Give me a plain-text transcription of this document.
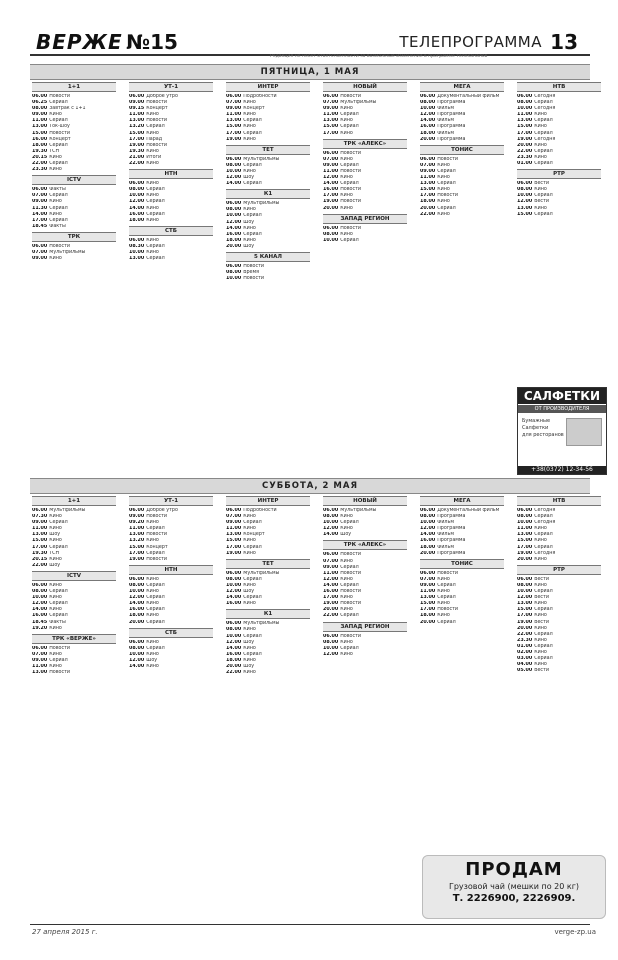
ВЕРЖЕ №15	ТЕЛЕПРОГРАММА 13
Редакция не несет ответственности за возможные изменения в программе телеканалов
ПЯТНИЦА, 1 МАЯ
1+1
06.00 Новости
06.25 Сериал
08.00 Завтрак с 1+1
09.00 Кино
11.00 Сериал
13.00 Ток-шоу
15.00 Новости
16.00 Концерт
18.00 Сериал
19.30 ТСН
20.15 Кино
22.00 Сериал
23.30 Кино
ICTV
06.00 Факты
07.00 Сериал
09.00 Кино
11.30 Сериал
14.00 Кино
17.00 Сериал
18.45 Факты
ТРК
06.00 Новости
07.00 Мультфильмы
09.00 Кино
УТ-1
06.00 Доброе утро
09.00 Новости
09.15 Концерт
11.00 Кино
13.00 Новости
13.20 Сериал
15.00 Кино
17.00 Парад
19.00 Новости
19.30 Кино
21.00 Итоги
22.00 Кино
НТН
06.00 Кино
08.00 Сериал
10.00 Кино
12.00 Сериал
14.00 Кино
16.00 Сериал
18.00 Кино
СТБ
06.00 Кино
08.30 Сериал
10.00 Кино
13.00 Сериал
ИНТЕР
06.00 Подробности
07.00 Кино
09.00 Концерт
11.00 Кино
13.00 Сериал
15.00 Кино
17.00 Сериал
19.00 Кино
ТЕТ
06.00 Мультфильмы
08.00 Сериал
10.00 Кино
12.00 Шоу
14.00 Сериал
К1
06.00 Мультфильмы
08.00 Кино
10.00 Сериал
12.00 Шоу
14.00 Кино
16.00 Сериал
18.00 Кино
20.00 Шоу
5 КАНАЛ
06.00 Новости
08.00 Время
10.00 Новости
НОВЫЙ
06.00 Новости
07.00 Мультфильмы
09.00 Кино
11.00 Сериал
13.00 Кино
15.00 Сериал
17.00 Кино
ТРК «АЛЕКС»
06.00 Новости
07.00 Кино
09.00 Сериал
11.00 Новости
12.00 Кино
14.00 Сериал
16.00 Новости
17.00 Кино
19.00 Новости
20.00 Кино
ЗАПАД РЕГИОН
06.00 Новости
08.00 Кино
10.00 Сериал
МЕГА
06.00 Документальный фильм
08.00 Программа
10.00 Фильм
12.00 Программа
14.00 Фильм
16.00 Программа
18.00 Фильм
20.00 Программа
ТОНИС
06.00 Новости
07.00 Кино
09.00 Сериал
11.00 Кино
13.00 Сериал
15.00 Кино
17.00 Новости
18.00 Кино
20.00 Сериал
22.00 Кино
НТВ
06.00 Сегодня
08.00 Сериал
10.00 Сегодня
11.00 Кино
13.00 Сериал
15.00 Кино
17.00 Сериал
19.00 Сегодня
20.00 Кино
22.00 Сериал
23.30 Кино
01.00 Сериал
РТР
06.00 Вести
08.00 Кино
10.00 Сериал
12.00 Вести
13.00 Кино
15.00 Сериал
СУББОТА, 2 МАЯ
1+1
06.00 Мультфильмы
07.30 Кино
09.00 Сериал
11.00 Кино
13.00 Шоу
15.00 Кино
17.00 Сериал
19.30 ТСН
20.15 Кино
22.00 Шоу
ICTV
06.00 Кино
08.00 Сериал
10.00 Кино
12.00 Сериал
14.00 Кино
16.00 Сериал
18.45 Факты
19.20 Кино
ТРК «ВЕРЖЕ»
06.00 Новости
07.00 Кино
09.00 Сериал
11.00 Кино
13.00 Новости
УТ-1
06.00 Доброе утро
09.00 Новости
09.20 Кино
11.00 Сериал
13.00 Новости
13.20 Кино
15.00 Концерт
17.00 Сериал
19.00 Новости
НТН
06.00 Кино
08.00 Сериал
10.00 Кино
12.00 Сериал
14.00 Кино
16.00 Сериал
18.00 Кино
20.00 Сериал
СТБ
06.00 Кино
08.00 Сериал
10.00 Кино
12.00 Шоу
14.00 Кино
ИНТЕР
06.00 Подробности
07.00 Кино
09.00 Сериал
11.00 Кино
13.00 Концерт
15.00 Кино
17.00 Сериал
19.00 Кино
ТЕТ
06.00 Мультфильмы
08.00 Сериал
10.00 Кино
12.00 Шоу
14.00 Сериал
16.00 Кино
К1
06.00 Мультфильмы
08.00 Кино
10.00 Сериал
12.00 Шоу
14.00 Кино
16.00 Сериал
18.00 Кино
20.00 Шоу
22.00 Кино
НОВЫЙ
06.00 Мультфильмы
08.00 Кино
10.00 Сериал
12.00 Кино
14.00 Шоу
ТРК «АЛЕКС»
06.00 Новости
07.00 Кино
09.00 Сериал
11.00 Новости
12.00 Кино
14.00 Сериал
16.00 Новости
17.00 Кино
19.00 Новости
20.00 Кино
22.00 Сериал
ЗАПАД РЕГИОН
06.00 Новости
08.00 Кино
10.00 Сериал
12.00 Кино
МЕГА
06.00 Документальный фильм
08.00 Программа
10.00 Фильм
12.00 Программа
14.00 Фильм
16.00 Программа
18.00 Фильм
20.00 Программа
ТОНИС
06.00 Новости
07.00 Кино
09.00 Сериал
11.00 Кино
13.00 Сериал
15.00 Кино
17.00 Новости
18.00 Кино
20.00 Сериал
НТВ
06.00 Сегодня
08.00 Сериал
10.00 Сегодня
11.00 Кино
13.00 Сериал
15.00 Кино
17.00 Сериал
19.00 Сегодня
20.00 Кино
РТР
06.00 Вести
08.00 Кино
10.00 Сериал
12.00 Вести
13.00 Кино
15.00 Сериал
17.00 Кино
19.00 Вести
20.00 Кино
22.00 Сериал
23.30 Кино
01.00 Сериал
02.00 Кино
03.00 Сериал
04.00 Кино
05.00 Вести
САЛФЕТКИ
ОТ ПРОИЗВОДИТЕЛЯ
Бумажные
Салфетки
для ресторанов
+38(0372) 12-34-56
ПРОДАМ
Грузовой чай (мешки по 20 кг)
Т. 2226900, 2226909.
27 апреля 2015 г.	verge-zp.ua
